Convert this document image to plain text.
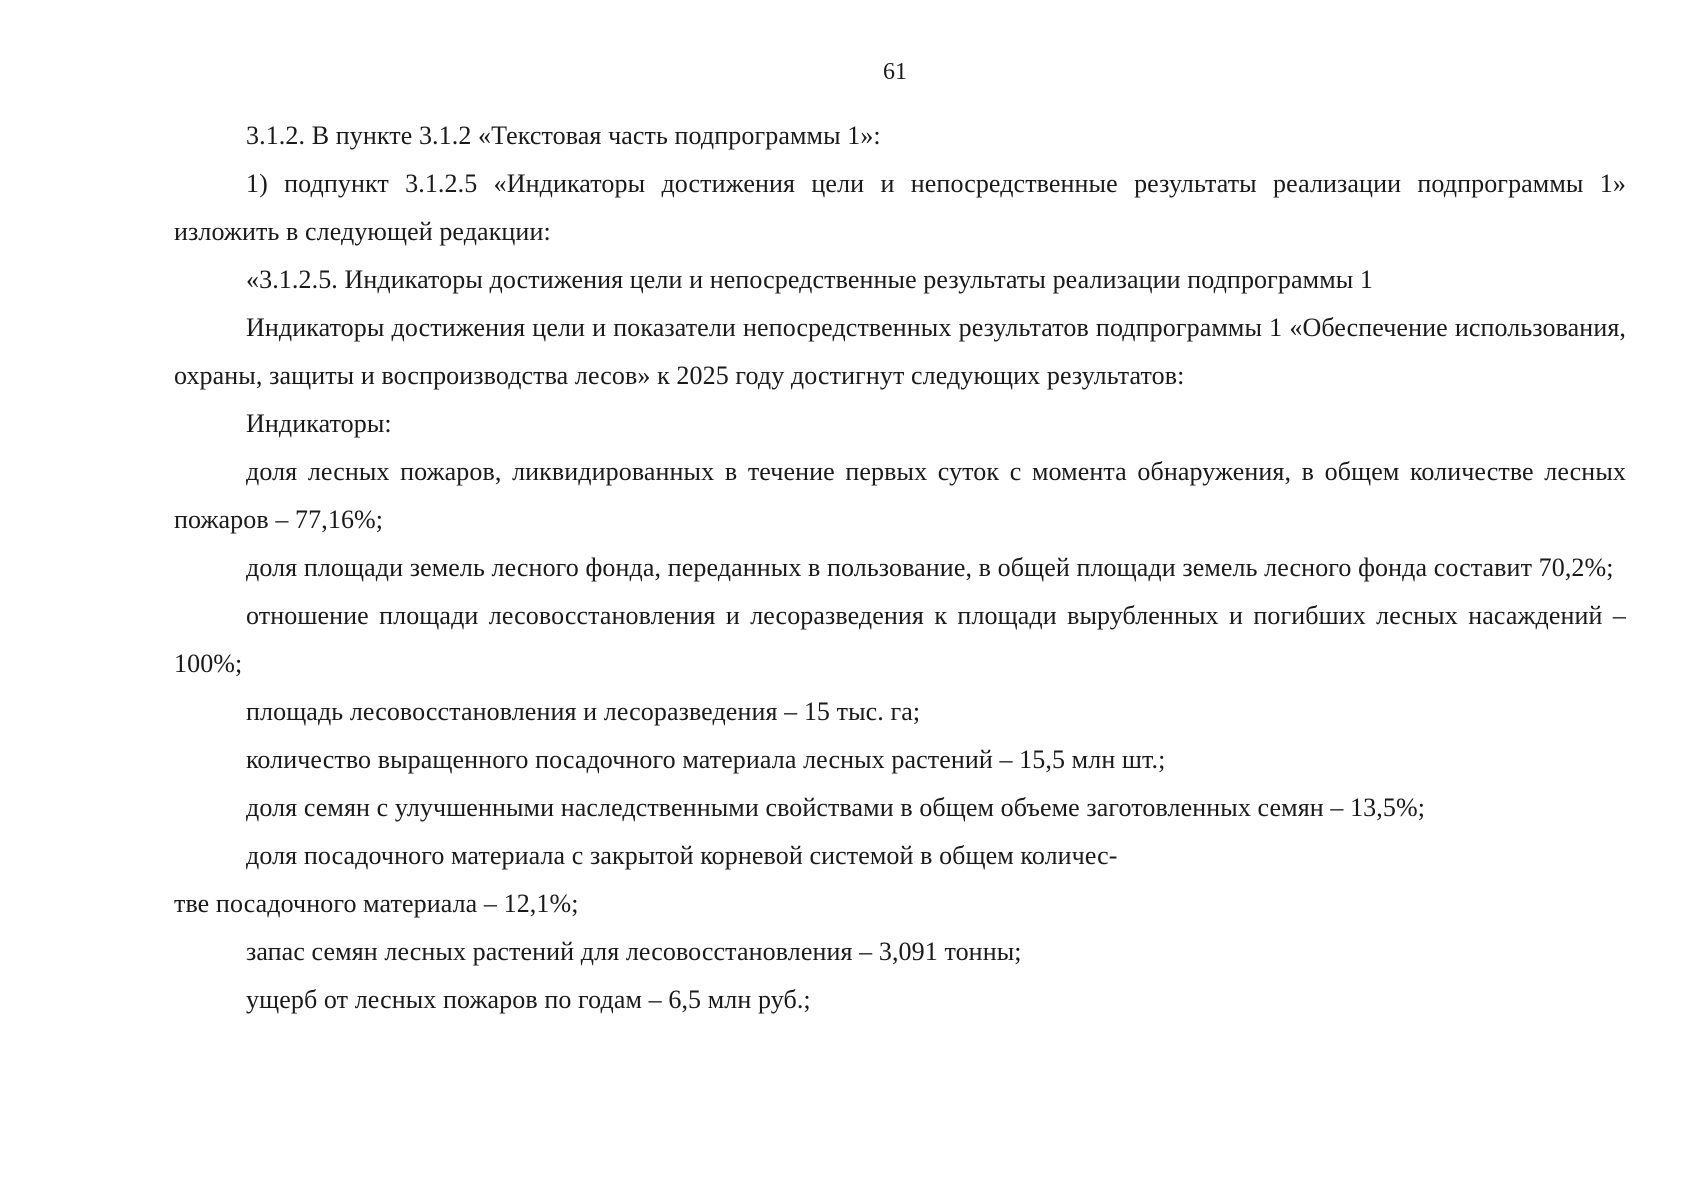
61

3.1.2. В пункте 3.1.2 «Текстовая часть подпрограммы 1»:

1) подпункт 3.1.2.5 «Индикаторы достижения цели и непосредственные результаты реализации подпрограммы 1» изложить в следующей редакции:

«3.1.2.5. Индикаторы достижения цели и непосредственные результаты реализации подпрограммы 1

Индикаторы достижения цели и показатели непосредственных результатов подпрограммы 1 «Обеспечение использования, охраны, защиты и воспроизводства лесов» к 2025 году достигнут следующих результатов:

Индикаторы:

доля лесных пожаров, ликвидированных в течение первых суток с момента обнаружения, в общем количестве лесных пожаров – 77,16%;

доля площади земель лесного фонда, переданных в пользование, в общей площади земель лесного фонда составит 70,2%;

отношение площади лесовосстановления и лесоразведения к площади вырубленных и погибших лесных насаждений – 100%;

площадь лесовосстановления и лесоразведения – 15 тыс. га;

количество выращенного посадочного материала лесных растений – 15,5 млн шт.;

доля семян с улучшенными наследственными свойствами в общем объеме заготовленных семян – 13,5%;

доля посадочного материала с закрытой корневой системой в общем количес-

тве посадочного материала – 12,1%;

запас семян лесных растений для лесовосстановления – 3,091 тонны;

ущерб от лесных пожаров по годам – 6,5 млн руб.;
